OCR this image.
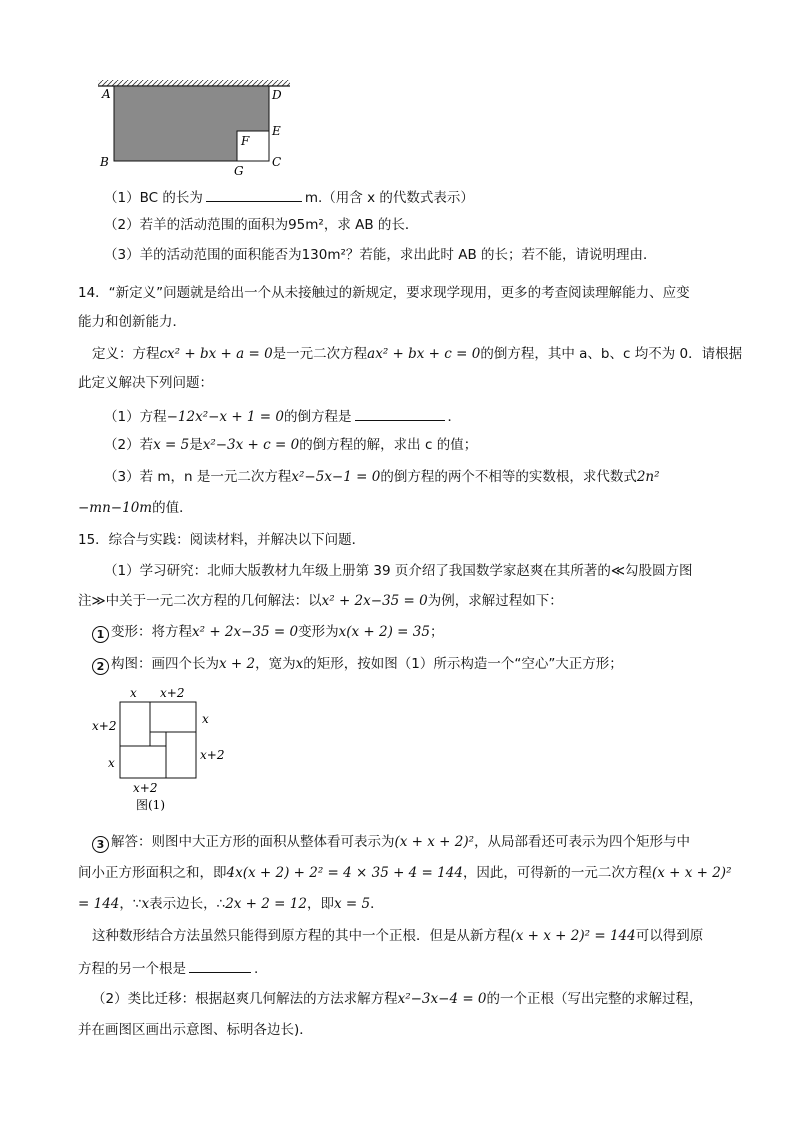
A
B
D
E
C
F
G
（1）BC 的长为	m.（用含 x 的代数式表示）
（2）若羊的活动范围的面积为95m²，求 AB 的长．
（3）羊的活动范围的面积能否为130m²？若能，求出此时 AB 的长；若不能，请说明理由．
14．“新定义”问题就是给出一个从未接触过的新规定，要求现学现用，更多的考查阅读理解能力、应变
能力和创新能力．
定义：方程cx² + bx + a = 0是一元二次方程ax² + bx + c = 0的倒方程，其中 a、b、c 均不为 0．请根据
此定义解决下列问题：
（1）方程−12x²−x + 1 = 0的倒方程是	．
（2）若x = 5是x²−3x + c = 0的倒方程的解，求出 c 的值；
（3）若 m，n 是一元二次方程x²−5x−1 = 0的倒方程的两个不相等的实数根，求代数式2n²
−mn−10m的值．
15．综合与实践：阅读材料，并解决以下问题．
（1）学习研究：北师大版教材九年级上册第 39 页介绍了我国数学家赵爽在其所著的≪勾股圆方图
注≫中关于一元二次方程的几何解法：以x² + 2x−35 = 0为例，求解过程如下：
1 变形：将方程x² + 2x−35 = 0变形为x(x + 2) = 35；
2 构图：画四个长为x + 2，宽为x的矩形，按如图（1）所示构造一个“空心”大正方形；
x x+2
x+2
x
x
x+2
x+2
图(1)
3 解答：则图中大正方形的面积从整体看可表示为(x + x + 2)²，从局部看还可表示为四个矩形与中
间小正方形面积之和，即4x(x + 2) + 2² = 4 × 35 + 4 = 144，因此，可得新的一元二次方程(x + x + 2)²
= 144，∵x表示边长，∴2x + 2 = 12，即x = 5．
这种数形结合方法虽然只能得到原方程的其中一个正根．但是从新方程(x + x + 2)² = 144可以得到原
方程的另一个根是	.
（2）类比迁移：根据赵爽几何解法的方法求解方程x²−3x−4 = 0的一个正根（写出完整的求解过程，
并在画图区画出示意图、标明各边长)．
